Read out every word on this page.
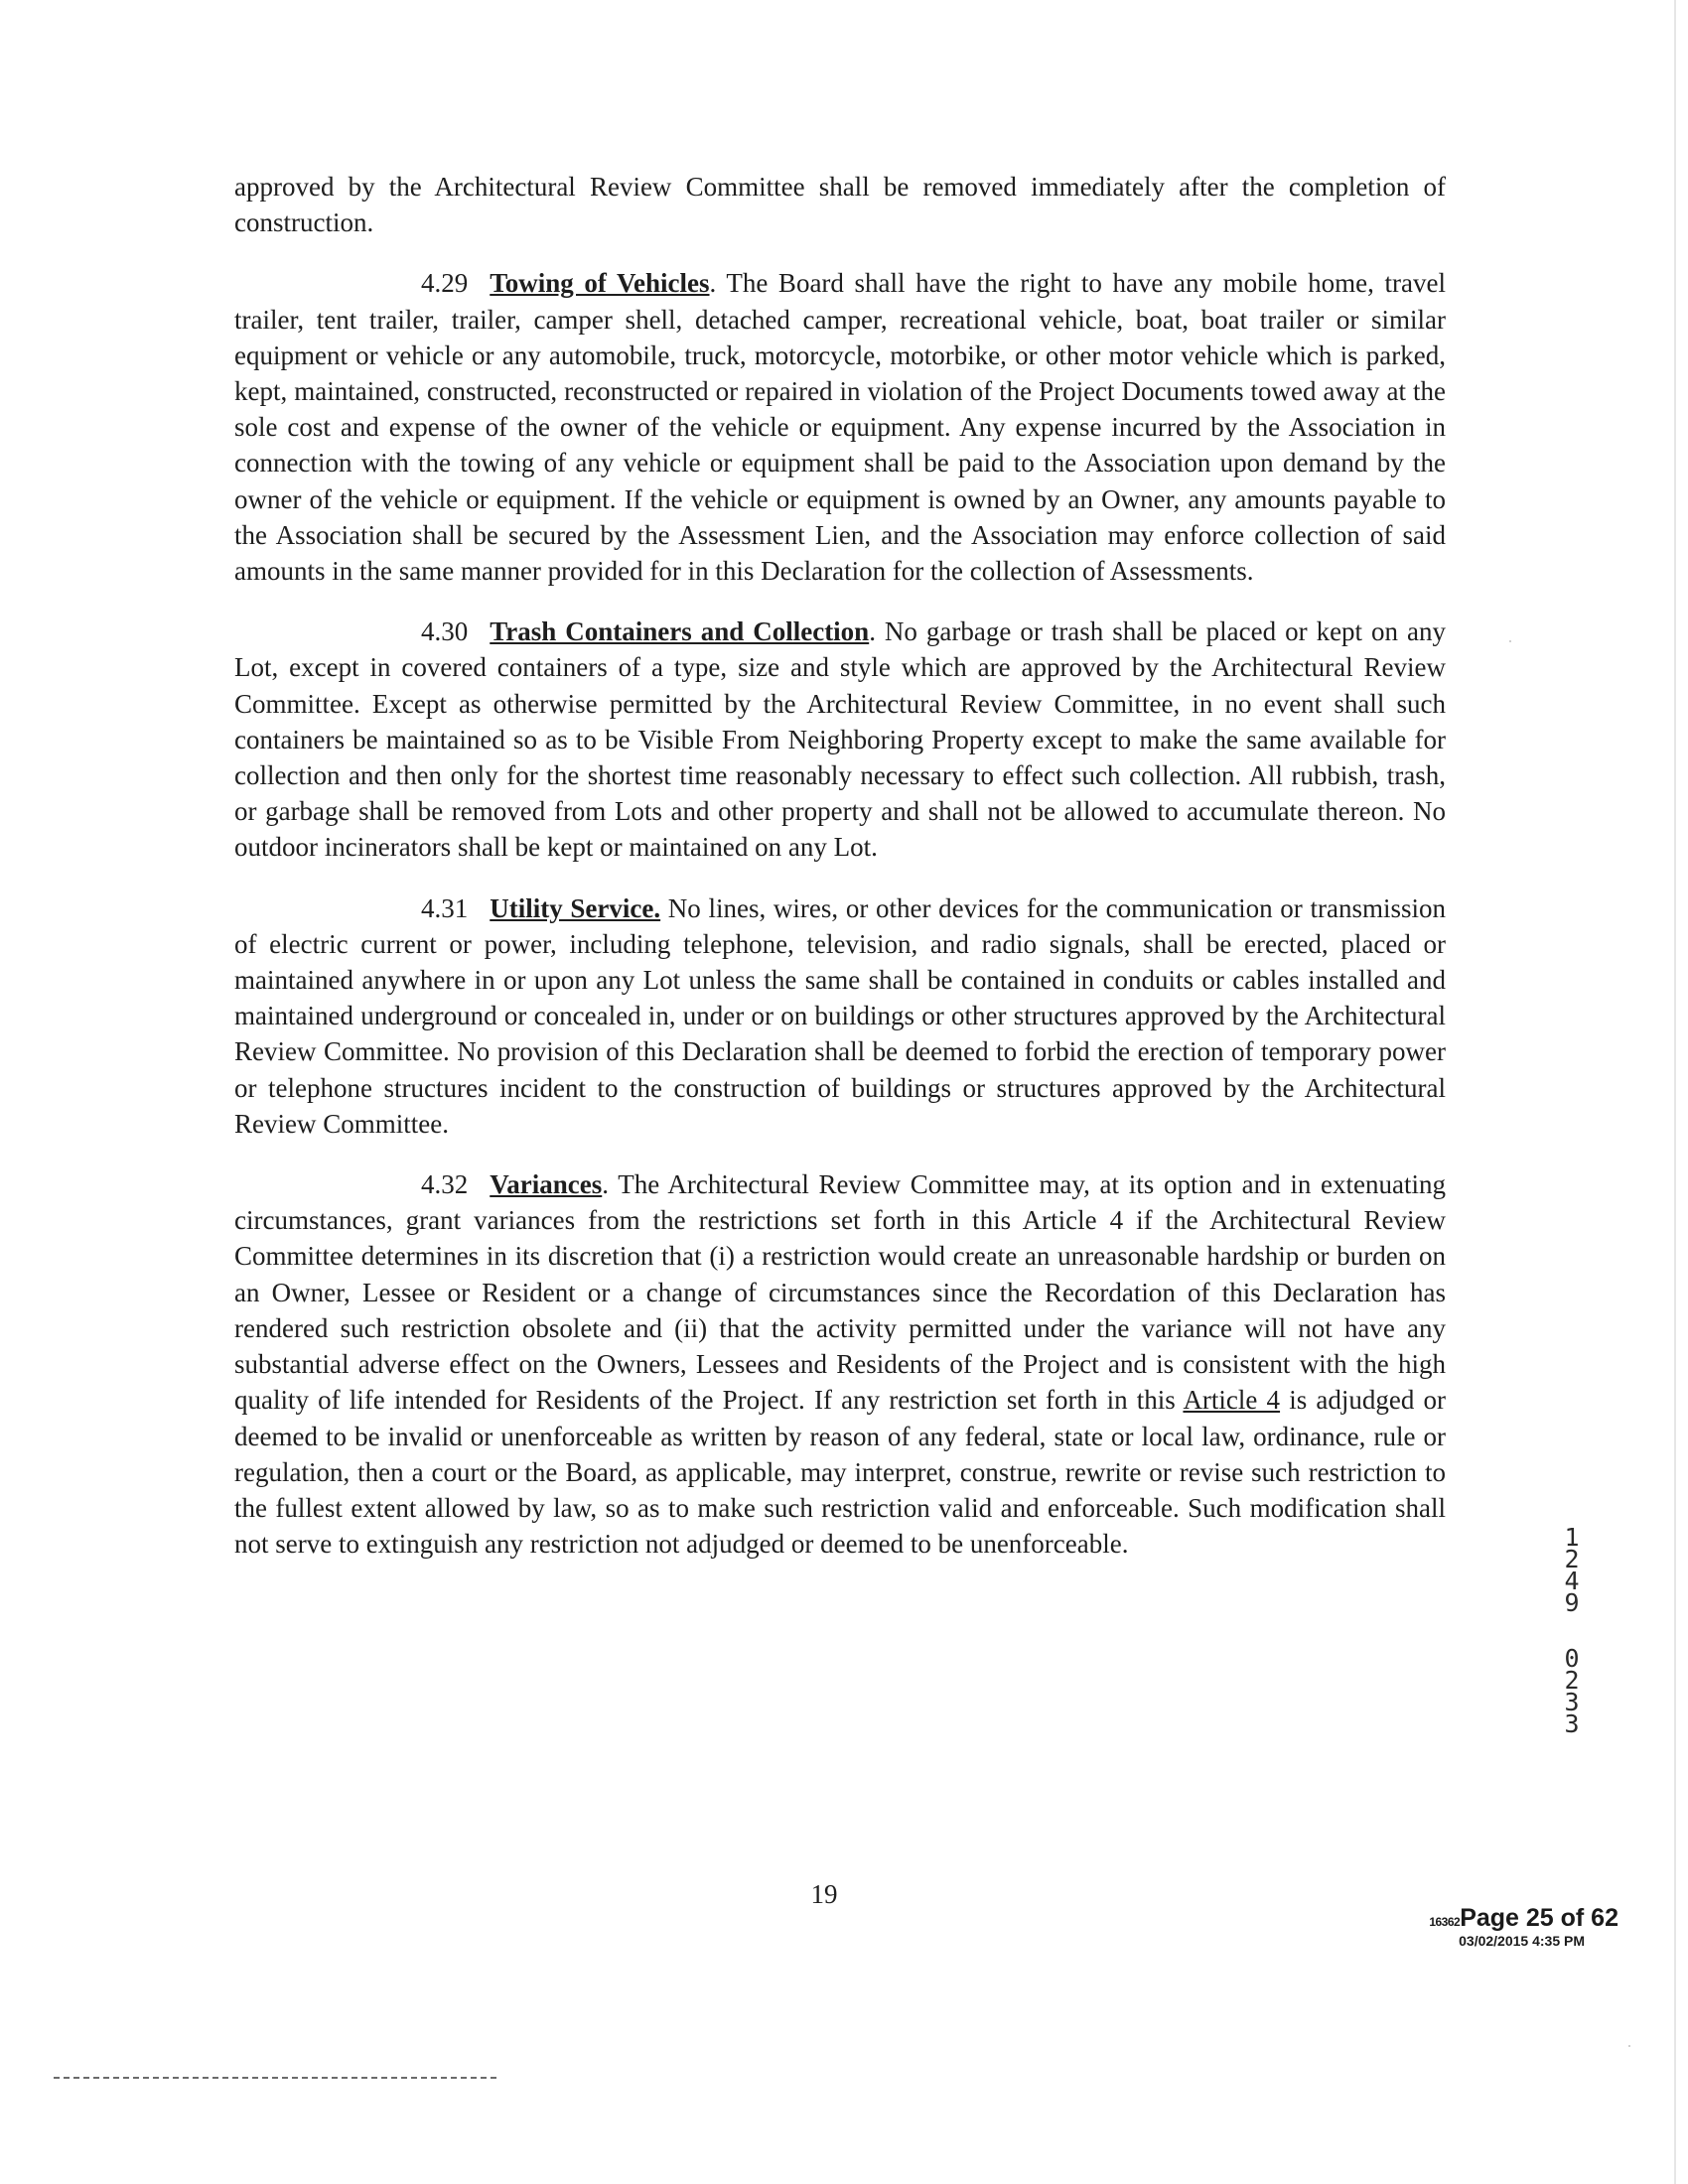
approved by the Architectural Review Committee shall be removed immediately after the completion of construction.

4.29 Towing of Vehicles. The Board shall have the right to have any mobile home, travel trailer, tent trailer, trailer, camper shell, detached camper, recreational vehicle, boat, boat trailer or similar equipment or vehicle or any automobile, truck, motorcycle, motorbike, or other motor vehicle which is parked, kept, maintained, constructed, reconstructed or repaired in violation of the Project Documents towed away at the sole cost and expense of the owner of the vehicle or equipment. Any expense incurred by the Association in connection with the towing of any vehicle or equipment shall be paid to the Association upon demand by the owner of the vehicle or equipment. If the vehicle or equipment is owned by an Owner, any amounts payable to the Association shall be secured by the Assessment Lien, and the Association may enforce collection of said amounts in the same manner provided for in this Declaration for the collection of Assessments.

4.30 Trash Containers and Collection. No garbage or trash shall be placed or kept on any Lot, except in covered containers of a type, size and style which are approved by the Architectural Review Committee. Except as otherwise permitted by the Architectural Review Committee, in no event shall such containers be maintained so as to be Visible From Neighboring Property except to make the same available for collection and then only for the shortest time reasonably necessary to effect such collection. All rubbish, trash, or garbage shall be removed from Lots and other property and shall not be allowed to accumulate thereon. No outdoor incinerators shall be kept or maintained on any Lot.

4.31 Utility Service. No lines, wires, or other devices for the communication or transmission of electric current or power, including telephone, television, and radio signals, shall be erected, placed or maintained anywhere in or upon any Lot unless the same shall be contained in conduits or cables installed and maintained underground or concealed in, under or on buildings or other structures approved by the Architectural Review Committee. No provision of this Declaration shall be deemed to forbid the erection of temporary power or telephone structures incident to the construction of buildings or structures approved by the Architectural Review Committee.

4.32 Variances. The Architectural Review Committee may, at its option and in extenuating circumstances, grant variances from the restrictions set forth in this Article 4 if the Architectural Review Committee determines in its discretion that (i) a restriction would create an unreasonable hardship or burden on an Owner, Lessee or Resident or a change of circumstances since the Recordation of this Declaration has rendered such restriction obsolete and (ii) that the activity permitted under the variance will not have any substantial adverse effect on the Owners, Lessees and Residents of the Project and is consistent with the high quality of life intended for Residents of the Project. If any restriction set forth in this Article 4 is adjudged or deemed to be invalid or unenforceable as written by reason of any federal, state or local law, ordinance, rule or regulation, then a court or the Board, as applicable, may interpret, construe, rewrite or revise such restriction to the fullest extent allowed by law, so as to make such restriction valid and enforceable. Such modification shall not serve to extinguish any restriction not adjudged or deemed to be unenforceable.	1249
0233
19
16362Page 25 of 62
03/02/2015 4:35 PM
